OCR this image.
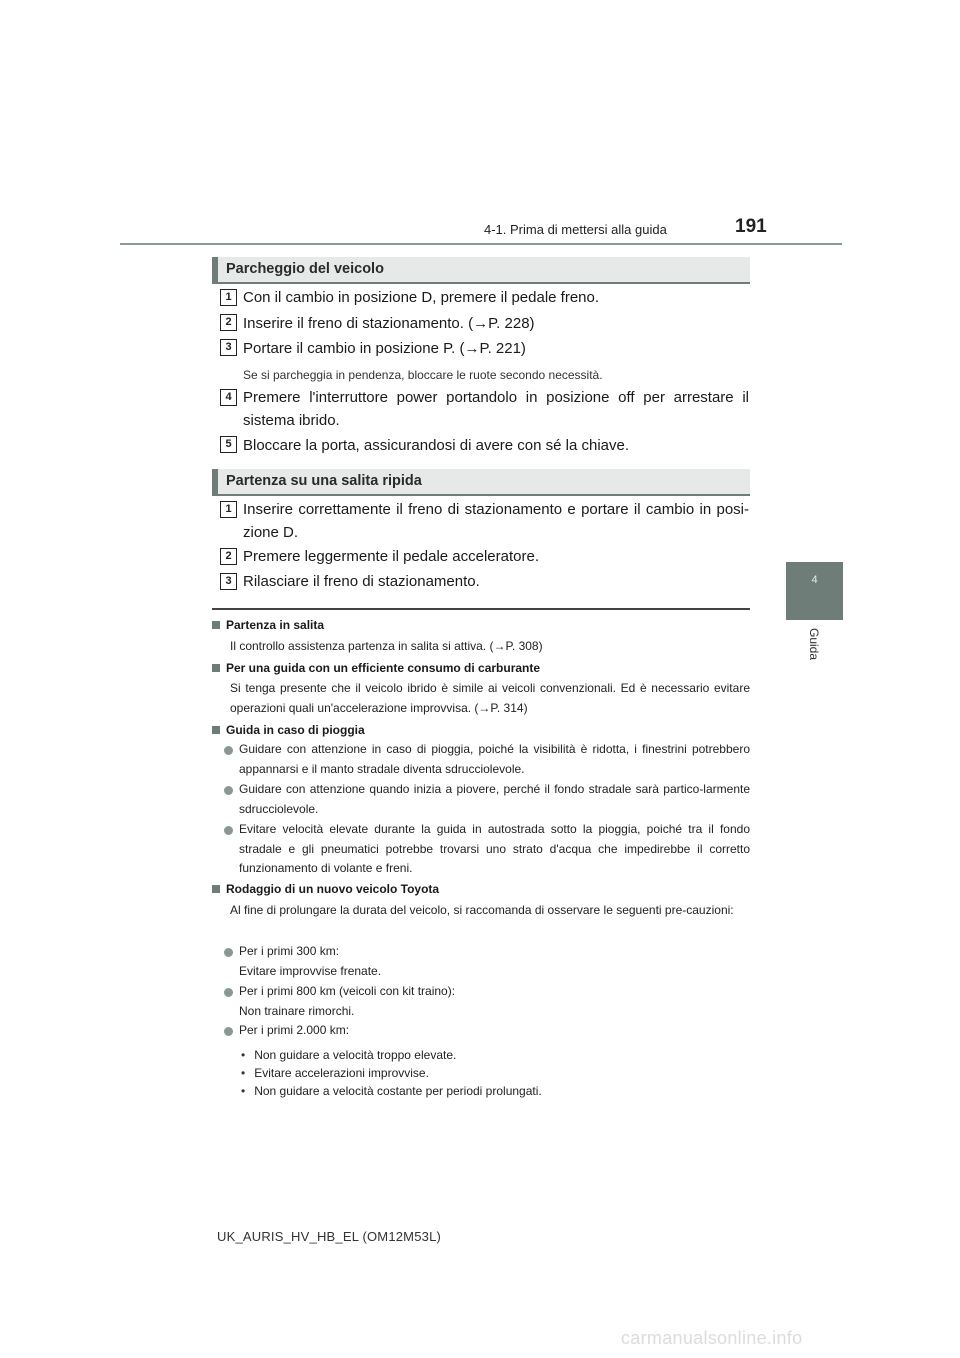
4-1. Prima di mettersi alla guida	191
4
Guida
Parcheggio del veicolo
1 Con il cambio in posizione D, premere il pedale freno.
2 Inserire il freno di stazionamento. (→P. 228)
3 Portare il cambio in posizione P. (→P. 221)
Se si parcheggia in pendenza, bloccare le ruote secondo necessità.
4 Premere l'interruttore power portandolo in posizione off per arrestare il sistema ibrido.
5 Bloccare la porta, assicurandosi di avere con sé la chiave.
Partenza su una salita ripida
1 Inserire correttamente il freno di stazionamento e portare il cambio in posi-zione D.
2 Premere leggermente il pedale acceleratore.
3 Rilasciare il freno di stazionamento.
Partenza in salita
Il controllo assistenza partenza in salita si attiva. (→P. 308)
Per una guida con un efficiente consumo di carburante
Si tenga presente che il veicolo ibrido è simile ai veicoli convenzionali. Ed è necessario evitare operazioni quali un'accelerazione improvvisa. (→P. 314)
Guida in caso di pioggia
Guidare con attenzione in caso di pioggia, poiché la visibilità è ridotta, i finestrini potrebbero appannarsi e il manto stradale diventa sdrucciolevole.
Guidare con attenzione quando inizia a piovere, perché il fondo stradale sarà partico-larmente sdrucciolevole.
Evitare velocità elevate durante la guida in autostrada sotto la pioggia, poiché tra il fondo stradale e gli pneumatici potrebbe trovarsi uno strato d'acqua che impedirebbe il corretto funzionamento di volante e freni.
Rodaggio di un nuovo veicolo Toyota
Al fine di prolungare la durata del veicolo, si raccomanda di osservare le seguenti pre-cauzioni:
Per i primi 300 km:
Evitare improvvise frenate.
Per i primi 800 km (veicoli con kit traino):
Non trainare rimorchi.
Per i primi 2.000 km:
• Non guidare a velocità troppo elevate.
• Evitare accelerazioni improvvise.
• Non guidare a velocità costante per periodi prolungati.
UK_AURIS_HV_HB_EL (OM12M53L)
carmanualsonline.info
